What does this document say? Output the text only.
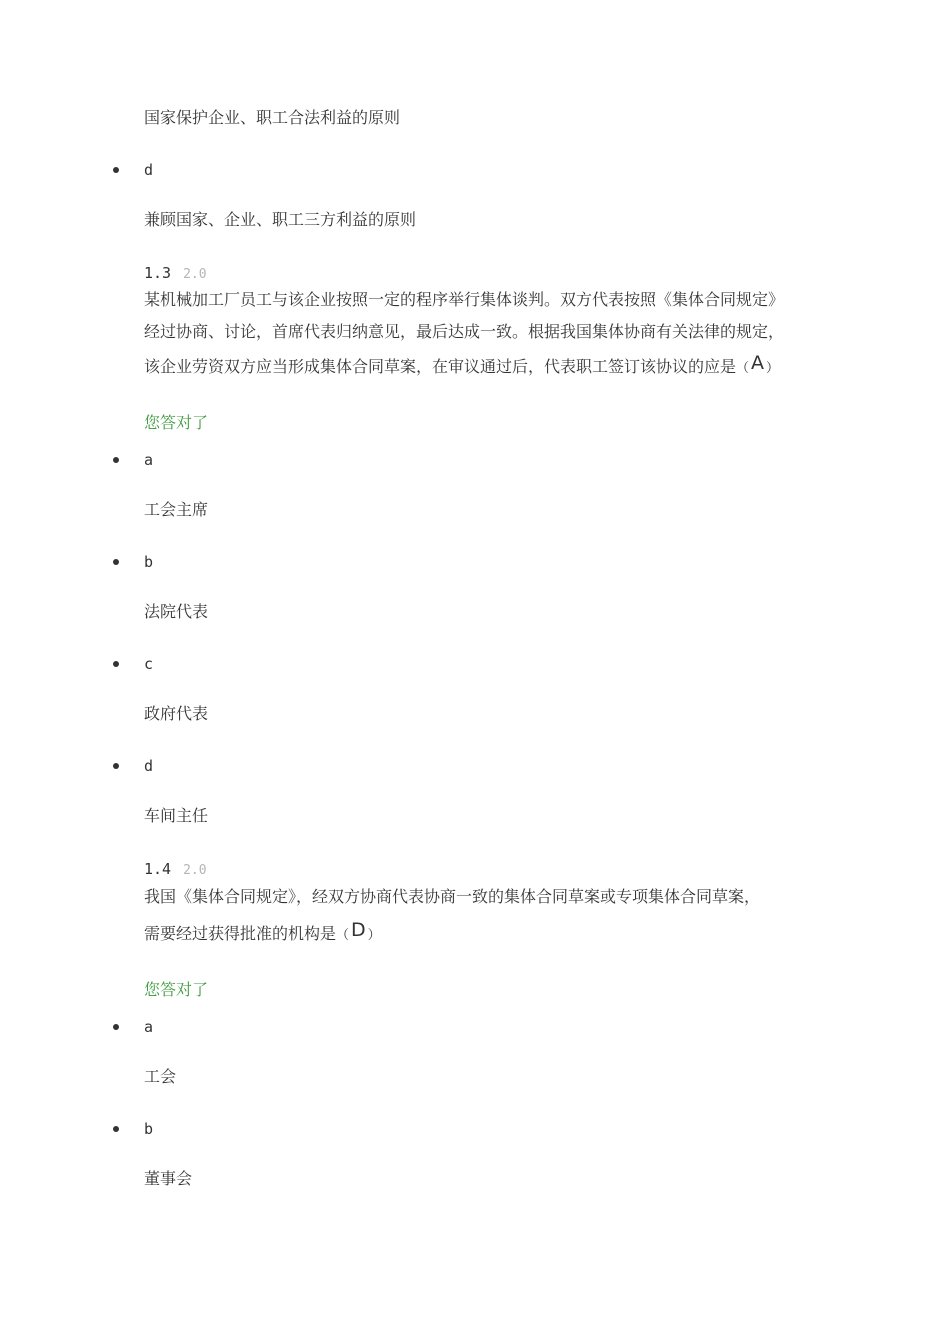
国家保护企业、职工合法利益的原则

d

兼顾国家、企业、职工三方利益的原则

1.3 2.0

某机械加工厂员工与该企业按照一定的程序举行集体谈判。双方代表按照《集体合同规定》

经过协商、讨论，首席代表归纳意见，最后达成一致。根据我国集体协商有关法律的规定，

该企业劳资双方应当形成集体合同草案，在审议通过后，代表职工签订该协议的应是（ A ）

您答对了

a

工会主席

b

法院代表

c

政府代表

d

车间主任

1.4 2.0

我国《集体合同规定》，经双方协商代表协商一致的集体合同草案或专项集体合同草案，

需要经过获得批准的机构是（ D ）

您答对了

a

工会

b

董事会
